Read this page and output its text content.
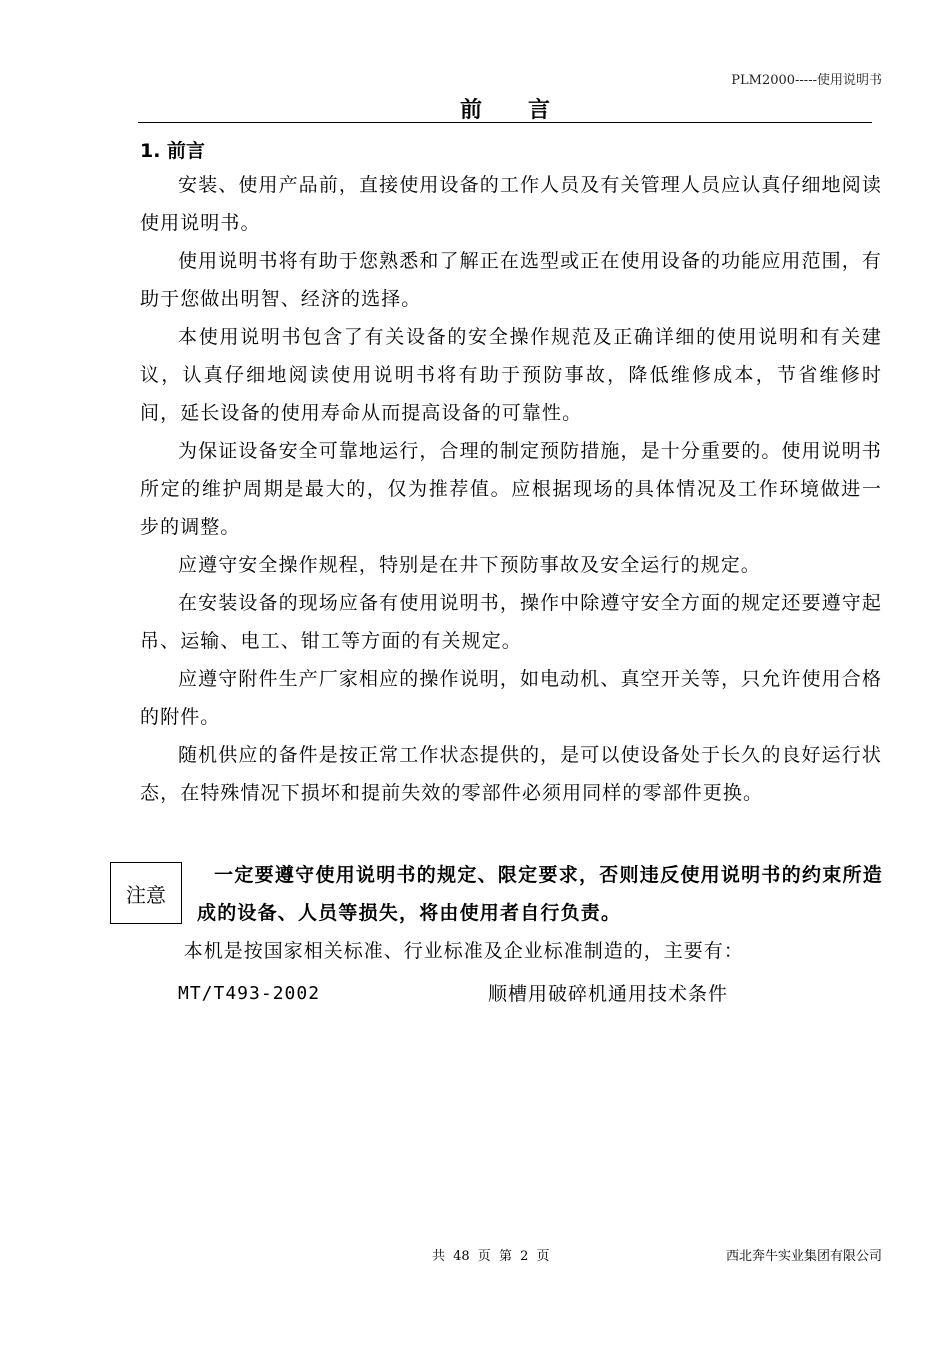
PLM2000-----使用说明书
前言
1. 前言

安装、使用产品前，直接使用设备的工作人员及有关管理人员应认真仔细地阅读使用说明书。

使用说明书将有助于您熟悉和了解正在选型或正在使用设备的功能应用范围，有助于您做出明智、经济的选择。

本使用说明书包含了有关设备的安全操作规范及正确详细的使用说明和有关建议，认真仔细地阅读使用说明书将有助于预防事故，降低维修成本，节省维修时间，延长设备的使用寿命从而提高设备的可靠性。

为保证设备安全可靠地运行，合理的制定预防措施，是十分重要的。使用说明书所定的维护周期是最大的，仅为推荐值。应根据现场的具体情况及工作环境做进一步的调整。

应遵守安全操作规程，特别是在井下预防事故及安全运行的规定。

在安装设备的现场应备有使用说明书，操作中除遵守安全方面的规定还要遵守起吊、运输、电工、钳工等方面的有关规定。

应遵守附件生产厂家相应的操作说明，如电动机、真空开关等，只允许使用合格的附件。

随机供应的备件是按正常工作状态提供的，是可以使设备处于长久的良好运行状态，在特殊情况下损坏和提前失效的零部件必须用同样的零部件更换。

注意
一定要遵守使用说明书的规定、限定要求，否则违反使用说明书的约束所造成的设备、人员等损失，将由使用者自行负责。
本机是按国家相关标准、行业标准及企业标准制造的，主要有：
MT/T493-2002	顺槽用破碎机通用技术条件
共 48 页 第 2 页	西北奔牛实业集团有限公司
